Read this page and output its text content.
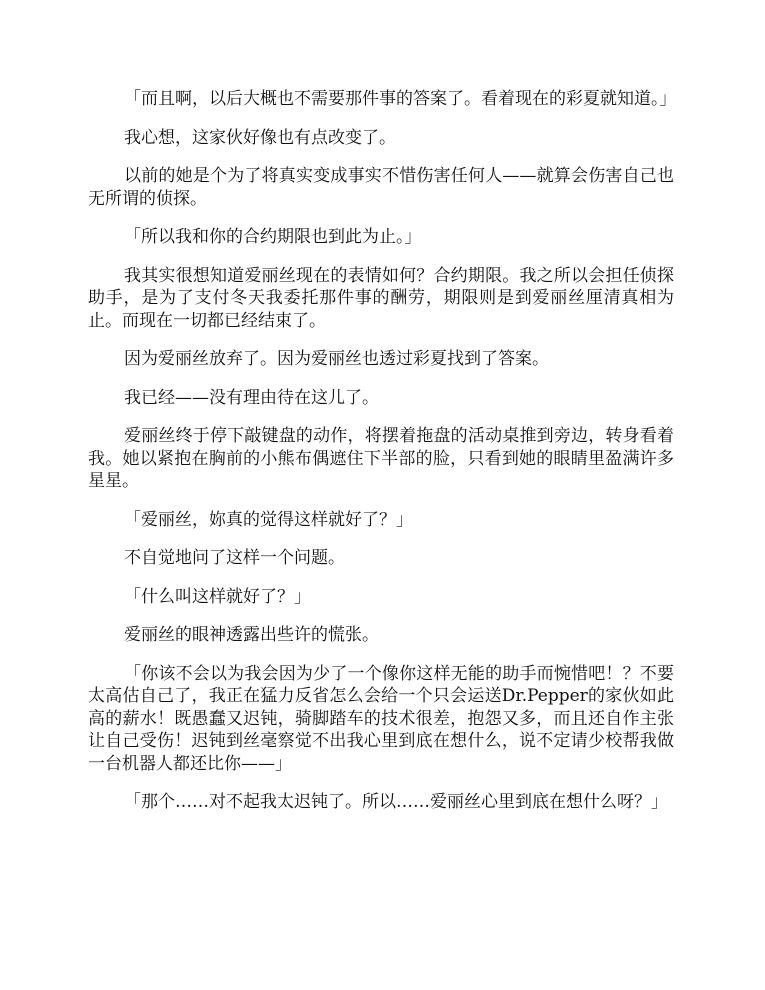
「而且啊，以后大概也不需要那件事的答案了。看着现在的彩夏就知道。」

我心想，这家伙好像也有点改变了。

以前的她是个为了将真实变成事实不惜伤害任何人——就算会伤害自己也无所谓的侦探。

「所以我和你的合约期限也到此为止。」

我其实很想知道爱丽丝现在的表情如何？合约期限。我之所以会担任侦探助手，是为了支付冬天我委托那件事的酬劳，期限则是到爱丽丝厘清真相为止。而现在一切都已经结束了。

因为爱丽丝放弃了。因为爱丽丝也透过彩夏找到了答案。

我已经——没有理由待在这儿了。

爱丽丝终于停下敲键盘的动作，将摆着拖盘的活动桌推到旁边，转身看着我。她以紧抱在胸前的小熊布偶遮住下半部的脸，只看到她的眼睛里盈满许多星星。

「爱丽丝，妳真的觉得这样就好了？」

不自觉地问了这样一个问题。

「什么叫这样就好了？」

爱丽丝的眼神透露出些许的慌张。

「你该不会以为我会因为少了一个像你这样无能的助手而惋惜吧！？不要太高估自己了，我正在猛力反省怎么会给一个只会运送Dr.Pepper的家伙如此高的薪水！既愚蠢又迟钝，骑脚踏车的技术很差，抱怨又多，而且还自作主张让自己受伤！迟钝到丝毫察觉不出我心里到底在想什么，说不定请少校帮我做一台机器人都还比你——」

「那个……对不起我太迟钝了。所以……爱丽丝心里到底在想什么呀？」
